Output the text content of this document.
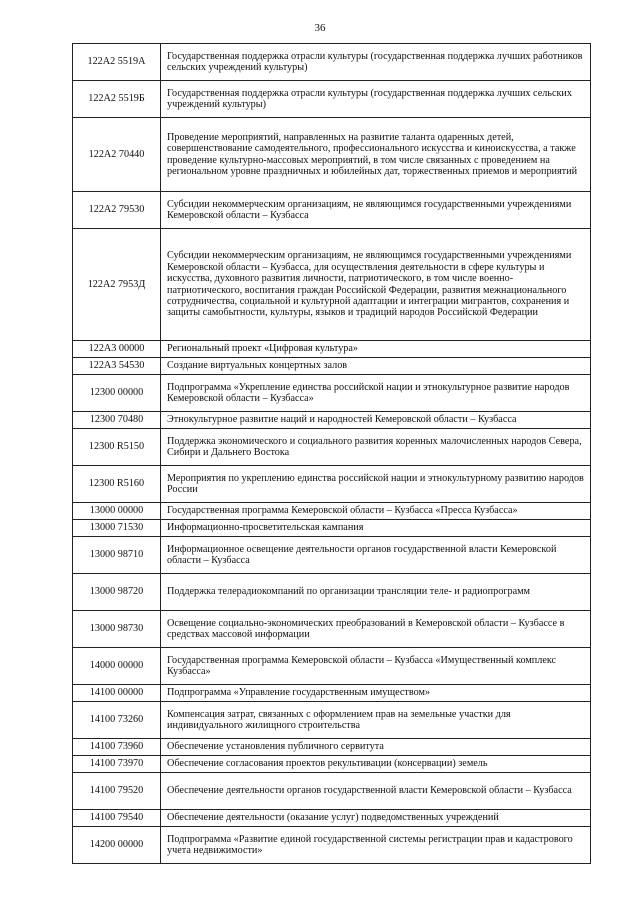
36
122А2 5519А	Государственная поддержка отрасли культуры (государственная поддержка лучших работников сельских учреждений культуры)
122А2 5519Б	Государственная поддержка отрасли культуры (государственная поддержка лучших сельских учреждений культуры)
122А2 70440	Проведение мероприятий, направленных на развитие таланта одаренных детей, совершенствование самодеятельного, профессионального искусства и киноискусства, а также проведение культурно-массовых мероприятий, в том числе связанных с проведением на региональном уровне праздничных и юбилейных дат, торжественных приемов и мероприятий
122А2 79530	Субсидии некоммерческим организациям, не являющимся государственными учреждениями Кемеровской области – Кузбасса
122А2 7953Д	Субсидии некоммерческим организациям, не являющимся государственными учреждениями Кемеровской области – Кузбасса, для осуществления деятельности в сфере культуры и искусства, духовного развития личности, патриотического, в том числе военно-патриотического, воспитания граждан Российской Федерации, развития межнационального сотрудничества, социальной и культурной адаптации и интеграции мигрантов, сохранения и защиты самобытности, культуры, языков и традиций народов Российской Федерации
122А3 00000	Региональный проект «Цифровая культура»
122А3 54530	Создание виртуальных концертных залов
12300 00000	Подпрограмма «Укрепление единства российской нации и этнокультурное развитие народов Кемеровской области – Кузбасса»
12300 70480	Этнокультурное развитие наций и народностей Кемеровской области – Кузбасса
12300 R5150	Поддержка экономического и социального развития коренных малочисленных народов Севера, Сибири и Дальнего Востока
12300 R5160	Мероприятия по укреплению единства российской нации и этнокультурному развитию народов России
13000 00000	Государственная программа Кемеровской области – Кузбасса «Пресса Кузбасса»
13000 71530	Информационно-просветительская кампания
13000 98710	Информационное освещение деятельности органов государственной власти Кемеровской области – Кузбасса
13000 98720	Поддержка телерадиокомпаний по организации трансляции теле- и радиопрограмм
13000 98730	Освещение социально-экономических преобразований в Кемеровской области – Кузбассе в средствах массовой информации
14000 00000	Государственная программа Кемеровской области – Кузбасса «Имущественный комплекс Кузбасса»
14100 00000	Подпрограмма «Управление государственным имуществом»
14100 73260	Компенсация затрат, связанных с оформлением прав на земельные участки для индивидуального жилищного строительства
14100 73960	Обеспечение установления публичного сервитута
14100 73970	Обеспечение согласования проектов рекультивации (консервации) земель
14100 79520	Обеспечение деятельности органов государственной власти Кемеровской области – Кузбасса
14100 79540	Обеспечение деятельности (оказание услуг) подведомственных учреждений
14200 00000	Подпрограмма «Развитие единой государственной системы регистрации прав и кадастрового учета недвижимости»
